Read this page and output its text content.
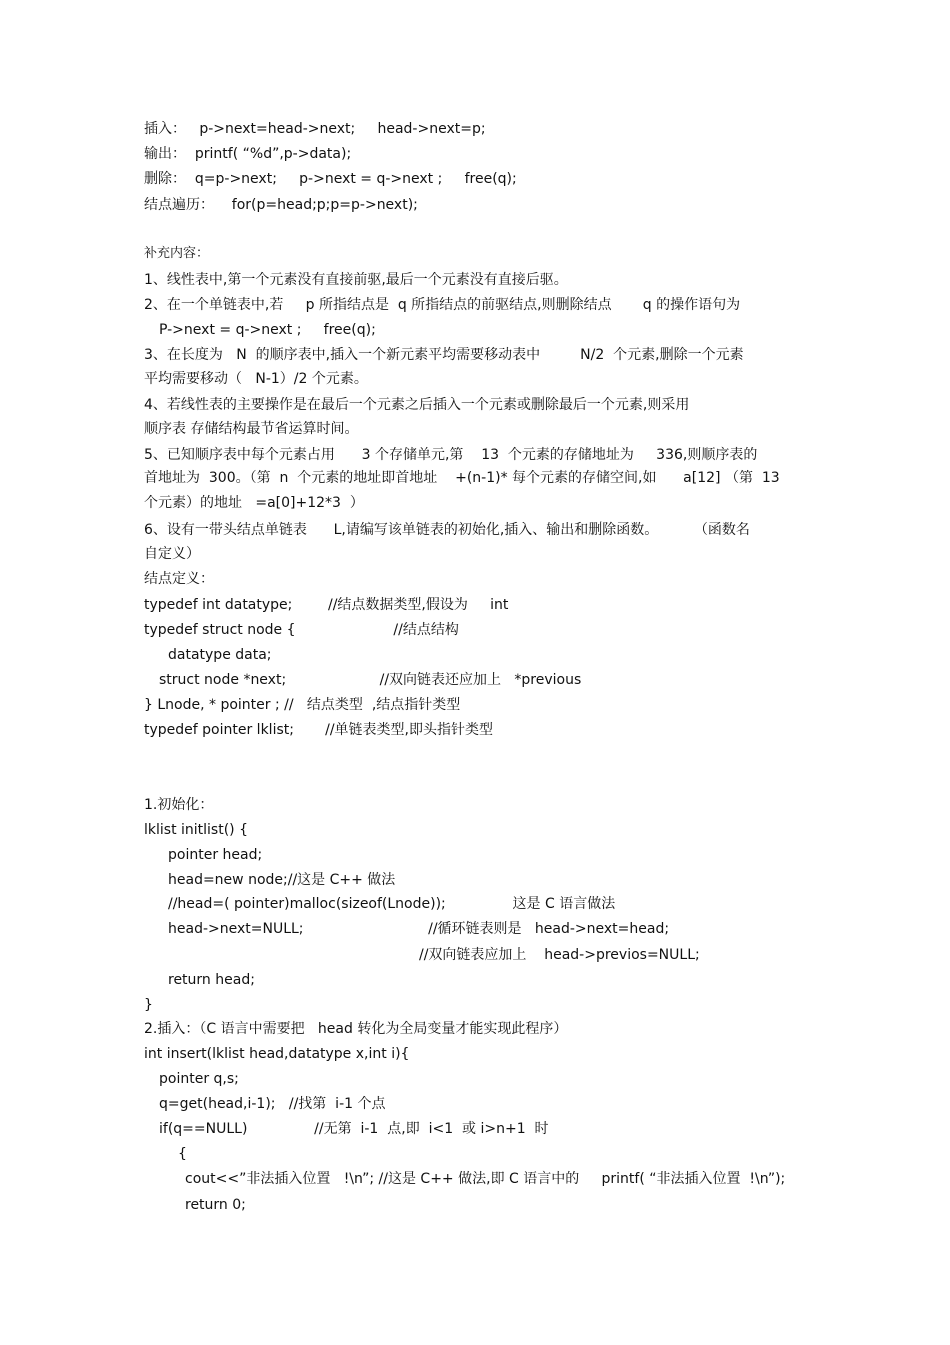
插入：   p->next=head->next;     head->next=p;
输出：  printf( “%d”,p->data);
删除：  q=p->next;     p->next = q->next ;     free(q);
结点遍历：    for(p=head;p;p=p->next);
补充内容：
1、线性表中,第一个元素没有直接前驱,最后一个元素没有直接后驱。
2、在一个单链表中,若     p 所指结点是  q 所指结点的前驱结点,则删除结点       q 的操作语句为
P->next = q->next ;     free(q);
3、在长度为   N  的顺序表中,插入一个新元素平均需要移动表中         N/2  个元素,删除一个元素
平均需要移动（   N-1）/2 个元素。
4、若线性表的主要操作是在最后一个元素之后插入一个元素或删除最后一个元素,则采用
顺序表 存储结构最节省运算时间。
5、已知顺序表中每个元素占用      3 个存储单元,第    13  个元素的存储地址为     336,则顺序表的
首地址为  300。（第  n  个元素的地址即首地址    +(n-1)* 每个元素的存储空间,如      a[12] （第  13
个元素）的地址   =a[0]+12*3  ）
6、设有一带头结点单链表      L,请编写该单链表的初始化,插入、输出和删除函数。        （函数名
自定义）
结点定义：
typedef int datatype;        //结点数据类型,假设为     int
typedef struct node {                      //结点结构
datatype data;
struct node *next;                     //双向链表还应加上   *previous
} Lnode, * pointer ; //   结点类型  ,结点指针类型
typedef pointer lklist;       //单链表类型,即头指针类型
1.初始化：
lklist initlist() {
pointer head;
head=new node;//这是 C++ 做法
//head=( pointer)malloc(sizeof(Lnode));               这是 C 语言做法
head->next=NULL;                            //循环链表则是   head->next=head;
//双向链表应加上    head->previos=NULL;
return head;
}
2.插入：（C 语言中需要把   head 转化为全局变量才能实现此程序）
int insert(lklist head,datatype x,int i){
pointer q,s;
q=get(head,i-1);   //找第  i-1 个点
if(q==NULL)               //无第  i-1  点,即  i<1  或 i>n+1  时
{
cout<<”非法插入位置   !\n”; //这是 C++ 做法,即 C 语言中的     printf( “非法插入位置  !\n”);
return 0;
